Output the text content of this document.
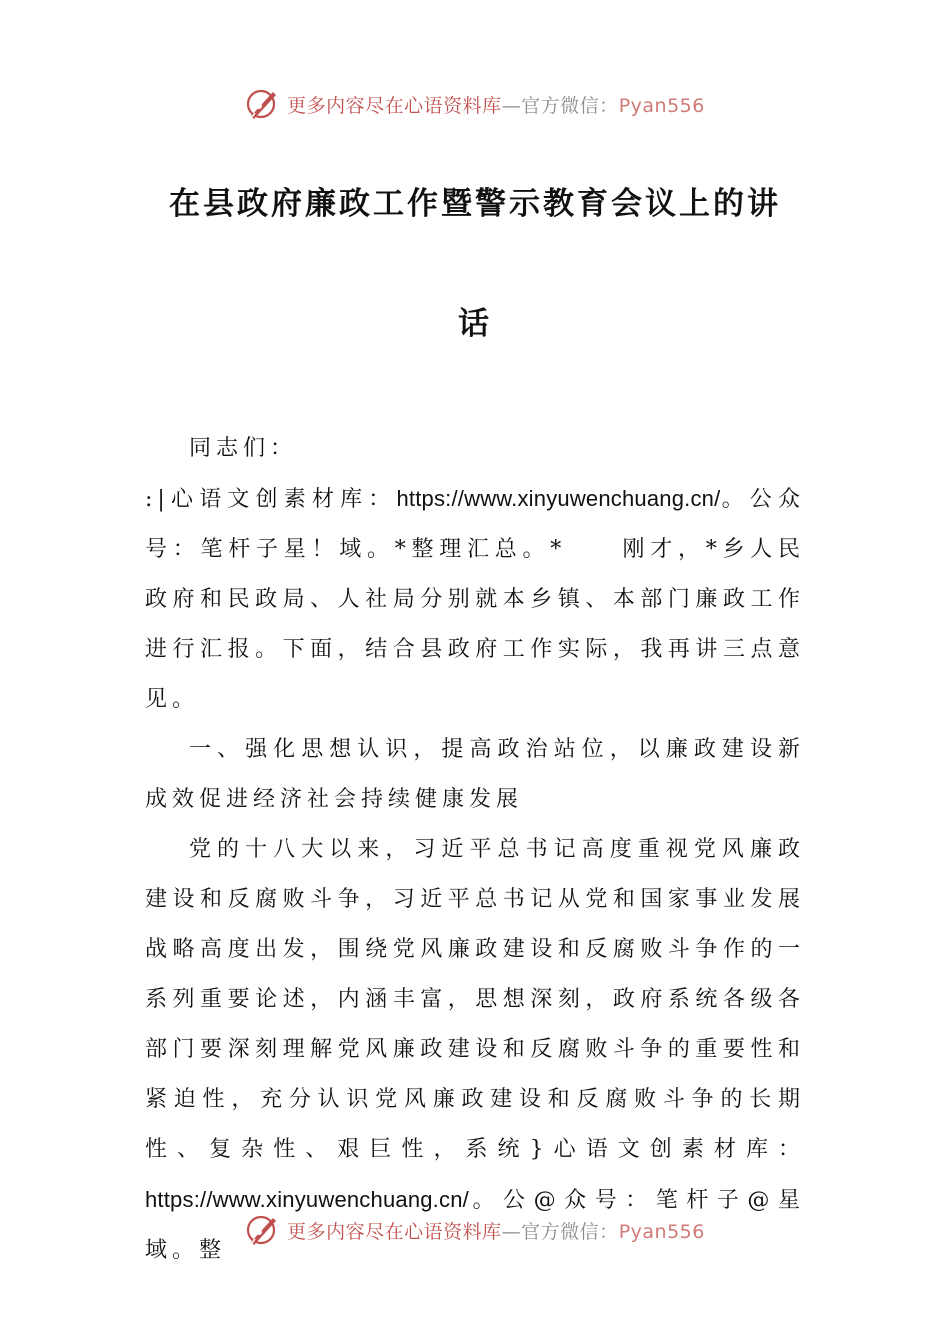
更多内容尽在心语资料库—官方微信：Pyan556
在县政府廉政工作暨警示教育会议上的讲
话

同志们：

:|心语文创素材库：https://www.xinyuwenchuang.cn/。公众号：笔杆子星！域。*整理汇总。*　　刚才，*乡人民政府和民政局、人社局分别就本乡镇、本部门廉政工作进行汇报。下面，结合县政府工作实际，我再讲三点意见。

一、强化思想认识，提高政治站位，以廉政建设新成效促进经济社会持续健康发展

党的十八大以来，习近平总书记高度重视党风廉政建设和反腐败斗争，习近平总书记从党和国家事业发展战略高度出发，围绕党风廉政建设和反腐败斗争作的一系列重要论述，内涵丰富，思想深刻，政府系统各级各部门要深刻理解党风廉政建设和反腐败斗争的重要性和紧迫性，充分认识党风廉政建设和反腐败斗争的长期性、复杂性、艰巨性，系统}心语文创素材库：https://www.xinyuwenchuang.cn/。公@众号：笔杆子@星域。整

更多内容尽在心语资料库—官方微信：Pyan556
